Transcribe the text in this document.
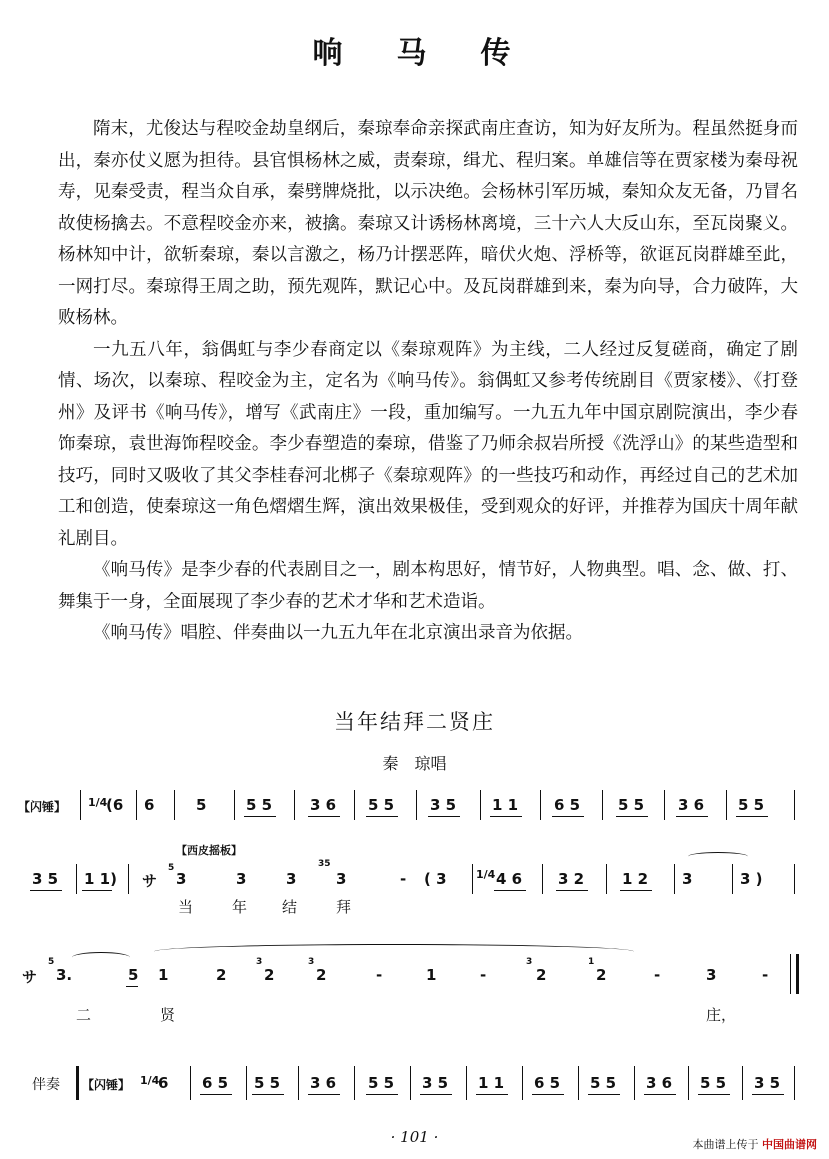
响 马 传

隋末，尤俊达与程咬金劫皇纲后，秦琼奉命亲探武南庄查访，知为好友所为。程虽然挺身而出，秦亦仗义愿为担待。县官惧杨林之威，责秦琼，缉尤、程归案。单雄信等在贾家楼为秦母祝寿，见秦受责，程当众自承，秦劈牌烧批，以示决绝。会杨林引军历城，秦知众友无备，乃冒名故使杨擒去。不意程咬金亦来，被擒。秦琼又计诱杨林离境，三十六人大反山东，至瓦岗聚义。杨林知中计，欲斩秦琼，秦以言激之，杨乃计摆恶阵，暗伏火炮、浮桥等，欲诓瓦岗群雄至此，一网打尽。秦琼得王周之助，预先观阵，默记心中。及瓦岗群雄到来，秦为向导，合力破阵，大败杨林。

一九五八年，翁偶虹与李少春商定以《秦琼观阵》为主线，二人经过反复磋商，确定了剧情、场次，以秦琼、程咬金为主，定名为《响马传》。翁偶虹又参考传统剧目《贾家楼》、《打登州》及评书《响马传》，增写《武南庄》一段，重加编写。一九五九年中国京剧院演出，李少春饰秦琼，袁世海饰程咬金。李少春塑造的秦琼，借鉴了乃师余叔岩所授《洗浮山》的某些造型和技巧，同时又吸收了其父李桂春河北梆子《秦琼观阵》的一些技巧和动作，再经过自己的艺术加工和创造，使秦琼这一角色熠熠生辉，演出效果极佳，受到观众的好评，并推荐为国庆十周年献礼剧目。

《响马传》是李少春的代表剧目之一，剧本构思好，情节好，人物典型。唱、念、做、打、舞集于一身，全面展现了李少春的艺术才华和艺术造诣。

《响马传》唱腔、伴奏曲以一九五九年在北京演出录音为依据。

当年结拜二贤庄
秦　琼唱
【闪锤】 1/4
(6 6	5	5 5	3 6 5 5 3 5 1 1 6 5	5 5 3 6 5 5
【西皮摇板】
3 5 1 1) サ
5
3	3	3
35
3	- ( 3	1/4 4 6 3 2	1 2 3	3 )
当	年 结	拜
サ
5
3.	5 1	2
3
2
3
2	-	1	-
3
2
1
2	-	3	-
二	贤	庄，
伴奏 【闪锤】 1/4
6 6 5 5 5 3 6 5 5 3 5 1 1 6 5 5 5 3 6 5 5 3 5
· 101 ·	本曲谱上传于 中国曲谱网
